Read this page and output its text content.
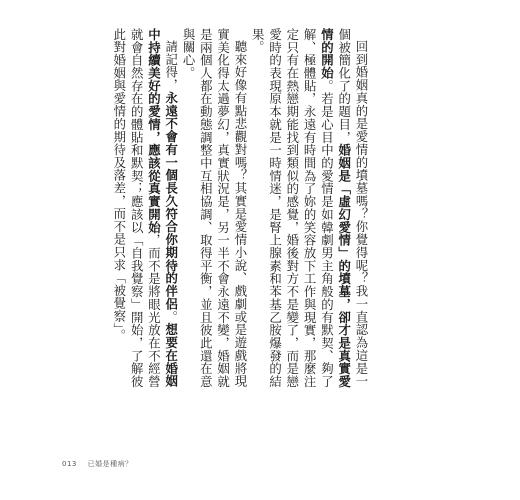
回到婚姻真的是愛情的墳墓嗎？你覺得呢？我一直認為這是一個被簡化了的題目，婚姻是「虛幻愛情」的墳墓，卻才是真實愛情的開始。若是心目中的愛情是如韓劇男主角般的有默契、夠了解、極體貼，永遠有時間為了妳的笑容放下工作與現實，那麼注定只有在熱戀期能找到類似的感覺，婚後對方不是變了，而是戀愛時的表現原本就是一時情迷，是腎上腺素和苯基乙胺爆發的結果。

聽來好像有點悲觀對嗎？其實是愛情小說、戲劇或是遊戲將現實美化得太過夢幻，真實狀況是，另一半不會永遠不變，婚姻就是兩個人都在動態調整中互相協調、取得平衡，並且彼此還在意與關心。

請記得，永遠不會有一個長久符合你期待的伴侶。想要在婚姻中持續美好的愛情，應該從真實開始，而不是將眼光放在不經營就會自然存在的體貼和默契；應該以「自我覺察」開始，了解彼此對婚姻與愛情的期待及落差，而不是只求「被覺察」。

013 已婚是種病？
